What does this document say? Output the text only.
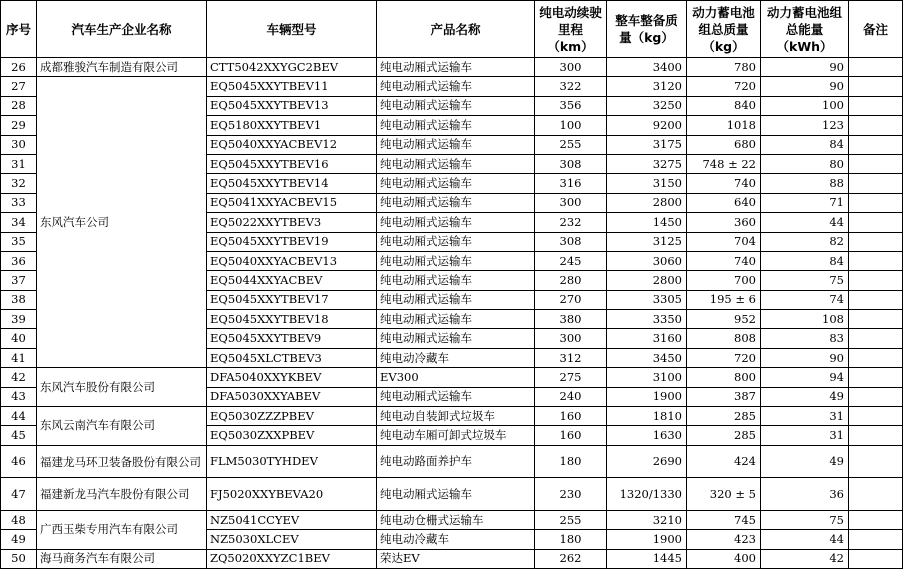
序号	汽车生产企业名称	车辆型号	产品名称	纯电动续驶里程（km）	整车整备质量（kg）	动力蓄电池组总质量（kg）	动力蓄电池组总能量（kWh）	备注
26	成都雅骏汽车制造有限公司	CTT5042XXYGC2BEV	纯电动厢式运输车	300	3400	780	90	
27	东风汽车公司	EQ5045XXYTBEV11	纯电动厢式运输车	322	3120	720	90	
28		EQ5045XXYTBEV13	纯电动厢式运输车	356	3250	840	100	
29		EQ5180XXYTBEV1	纯电动厢式运输车	100	9200	1018	123	
30		EQ5040XXYACBEV12	纯电动厢式运输车	255	3175	680	84	
31		EQ5045XXYTBEV16	纯电动厢式运输车	308	3275	748 ± 22	80	
32		EQ5045XXYTBEV14	纯电动厢式运输车	316	3150	740	88	
33		EQ5041XXYACBEV15	纯电动厢式运输车	300	2800	640	71	
34		EQ5022XXYTBEV3	纯电动厢式运输车	232	1450	360	44	
35		EQ5045XXYTBEV19	纯电动厢式运输车	308	3125	704	82	
36		EQ5040XXYACBEV13	纯电动厢式运输车	245	3060	740	84	
37		EQ5044XXYACBEV	纯电动厢式运输车	280	2800	700	75	
38		EQ5045XXYTBEV17	纯电动厢式运输车	270	3305	195 ± 6	74	
39		EQ5045XXYTBEV18	纯电动厢式运输车	380	3350	952	108	
40		EQ5045XXYTBEV9	纯电动厢式运输车	300	3160	808	83	
41		EQ5045XLCTBEV3	纯电动冷藏车	312	3450	720	90	
42	东风汽车股份有限公司	DFA5040XXYKBEV	EV300	275	3100	800	94	
43		DFA5030XXYABEV	纯电动厢式运输车	240	1900	387	49	
44	东风云南汽车有限公司	EQ5030ZZZPBEV	纯电动自装卸式垃圾车	160	1810	285	31	
45		EQ5030ZXXPBEV	纯电动车厢可卸式垃圾车	160	1630	285	31	
46	福建龙马环卫装备股份有限公司	FLM5030TYHDEV	纯电动路面养护车	180	2690	424	49	
47	福建新龙马汽车股份有限公司	FJ5020XXYBEVA20	纯电动厢式运输车	230	1320/1330	320 ± 5	36	
48	广西玉柴专用汽车有限公司	NZ5041CCYEV	纯电动仓栅式运输车	255	3210	745	75	
49		NZ5030XLCEV	纯电动冷藏车	180	1900	423	44	
50	海马商务汽车有限公司	ZQ5020XXYZC1BEV	荣达EV	262	1445	400	42	
